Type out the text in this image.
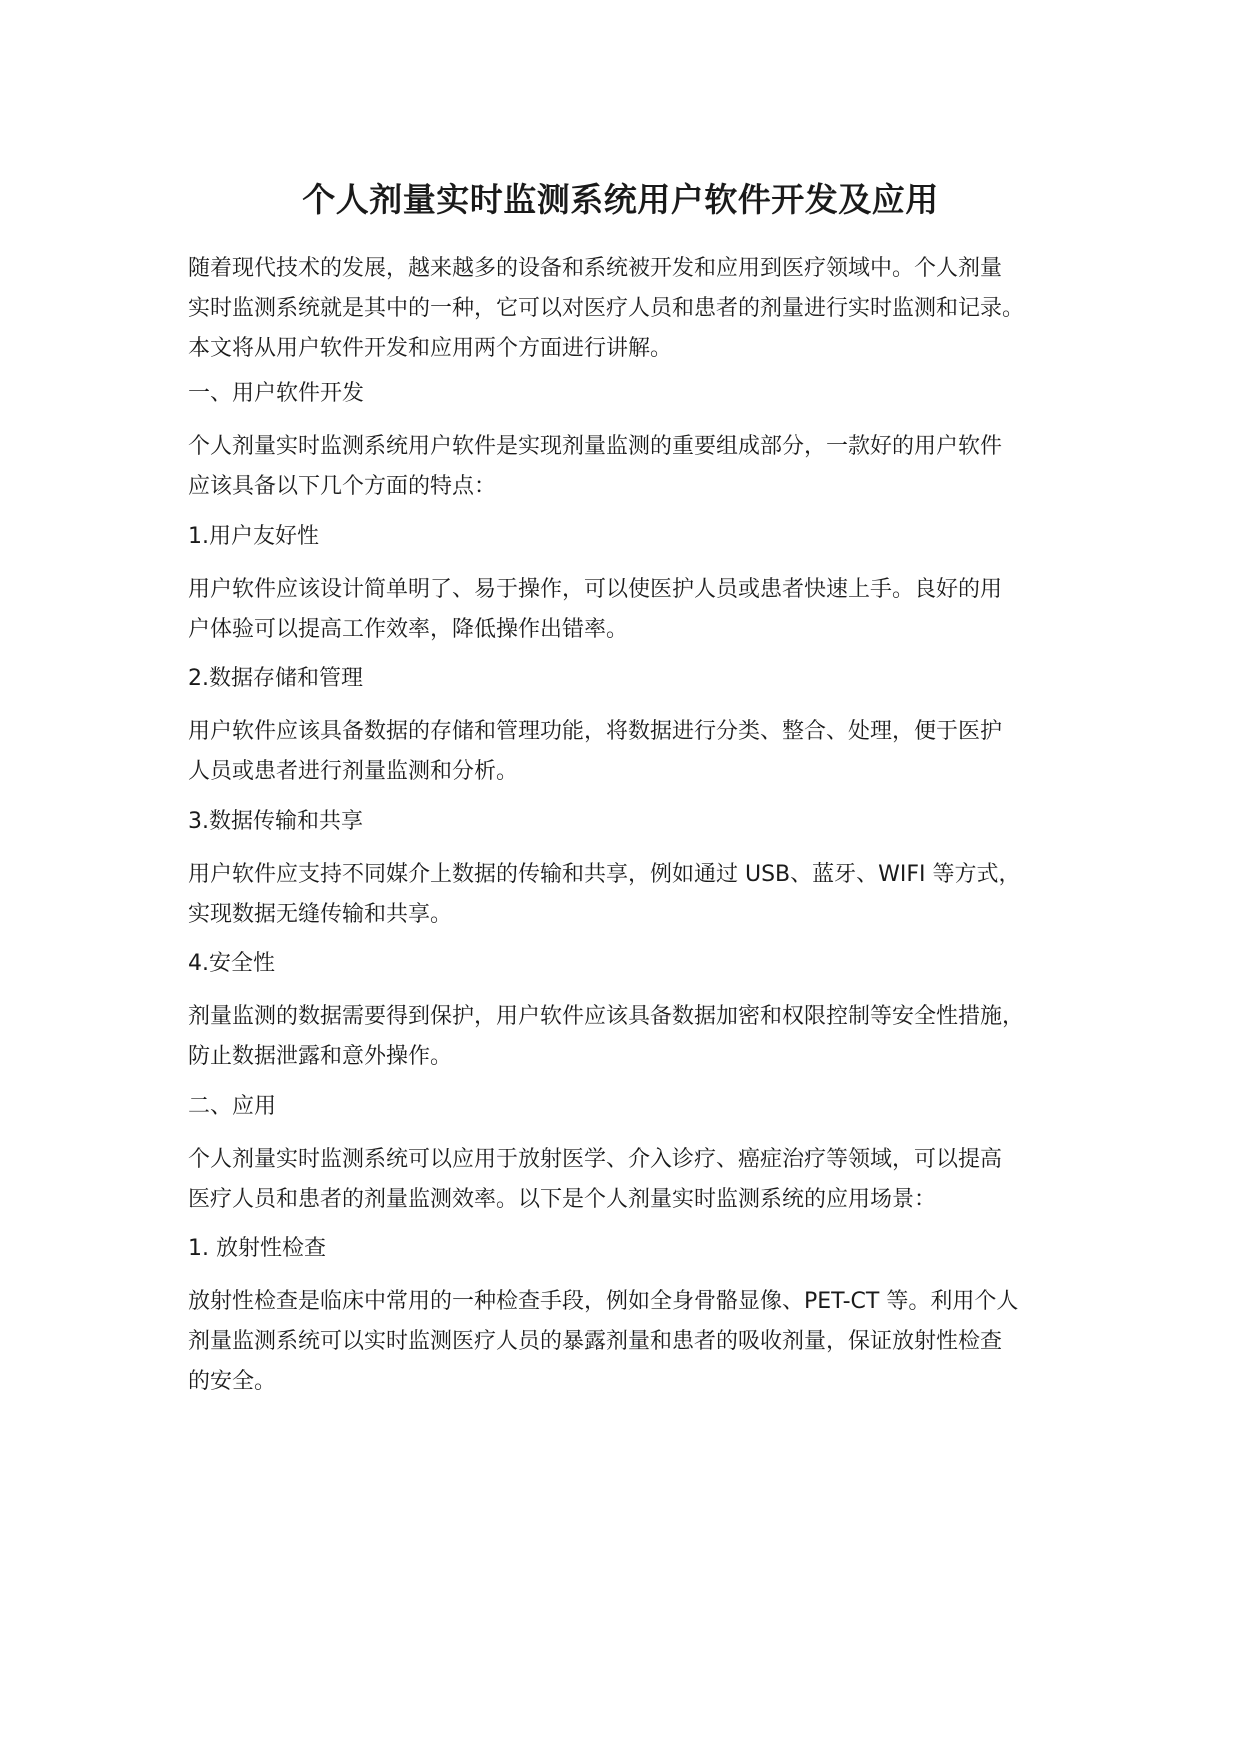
个人剂量实时监测系统用户软件开发及应用
随着现代技术的发展，越来越多的设备和系统被开发和应用到医疗领域中。个人剂量
实时监测系统就是其中的一种，它可以对医疗人员和患者的剂量进行实时监测和记录。
本文将从用户软件开发和应用两个方面进行讲解。
一、用户软件开发
个人剂量实时监测系统用户软件是实现剂量监测的重要组成部分，一款好的用户软件
应该具备以下几个方面的特点：
1.用户友好性
用户软件应该设计简单明了、易于操作，可以使医护人员或患者快速上手。良好的用
户体验可以提高工作效率，降低操作出错率。
2.数据存储和管理
用户软件应该具备数据的存储和管理功能，将数据进行分类、整合、处理，便于医护
人员或患者进行剂量监测和分析。
3.数据传输和共享
用户软件应支持不同媒介上数据的传输和共享，例如通过 USB、蓝牙、WIFI 等方式，
实现数据无缝传输和共享。
4.安全性
剂量监测的数据需要得到保护，用户软件应该具备数据加密和权限控制等安全性措施，
防止数据泄露和意外操作。
二、应用
个人剂量实时监测系统可以应用于放射医学、介入诊疗、癌症治疗等领域，可以提高
医疗人员和患者的剂量监测效率。以下是个人剂量实时监测系统的应用场景：
1. 放射性检查
放射性检查是临床中常用的一种检查手段，例如全身骨骼显像、PET-CT 等。利用个人
剂量监测系统可以实时监测医疗人员的暴露剂量和患者的吸收剂量，保证放射性检查
的安全。
